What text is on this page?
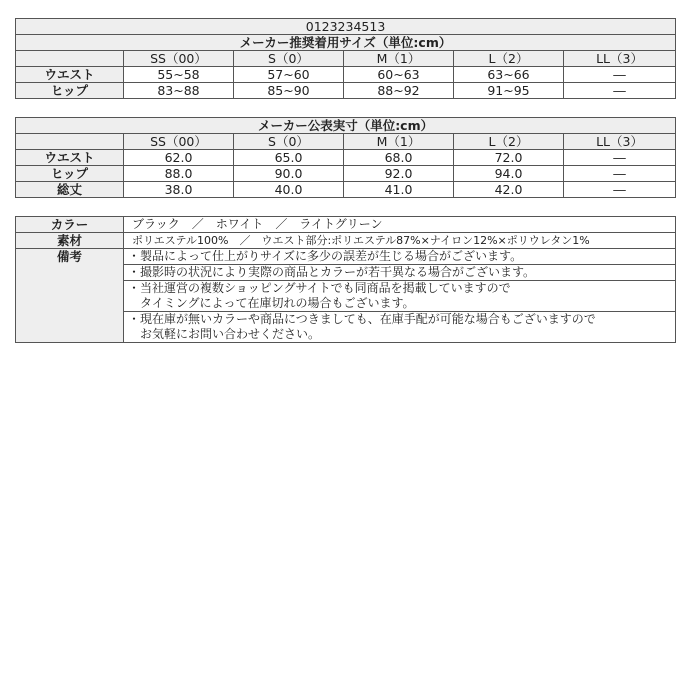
0123234513					
メーカー推奨着用サイズ（単位:cm）					
	SS（00）	S（0）	M（1）	L（2）	LL（3）
ウエスト	55~58	57~60	60~63	63~66	―
ヒップ	83~88	85~90	88~92	91~95	―
メーカー公表実寸（単位:cm）					
	SS（00）	S（0）	M（1）	L（2）	LL（3）
ウエスト	62.0	65.0	68.0	72.0	―
ヒップ	88.0	90.0	92.0	94.0	―
総丈	38.0	40.0	41.0	42.0	―
カラー	ブラック　／　ホワイト　／　ライトグリーン
素材	ポリエステル100%　／　ウエスト部分:ポリエステル87%×ナイロン12%×ポリウレタン1%
備考	・製品によって仕上がりサイズに多少の誤差が生じる場合がございます。

	・撮影時の状況により実際の商品とカラーが若干異なる場合がございます。

	・当社運営の複数ショッピングサイトでも同商品を掲載していますので
　タイミングによって在庫切れの場合もございます。

	・現在庫が無いカラーや商品につきましても、在庫手配が可能な場合もございますので
　お気軽にお問い合わせください。
